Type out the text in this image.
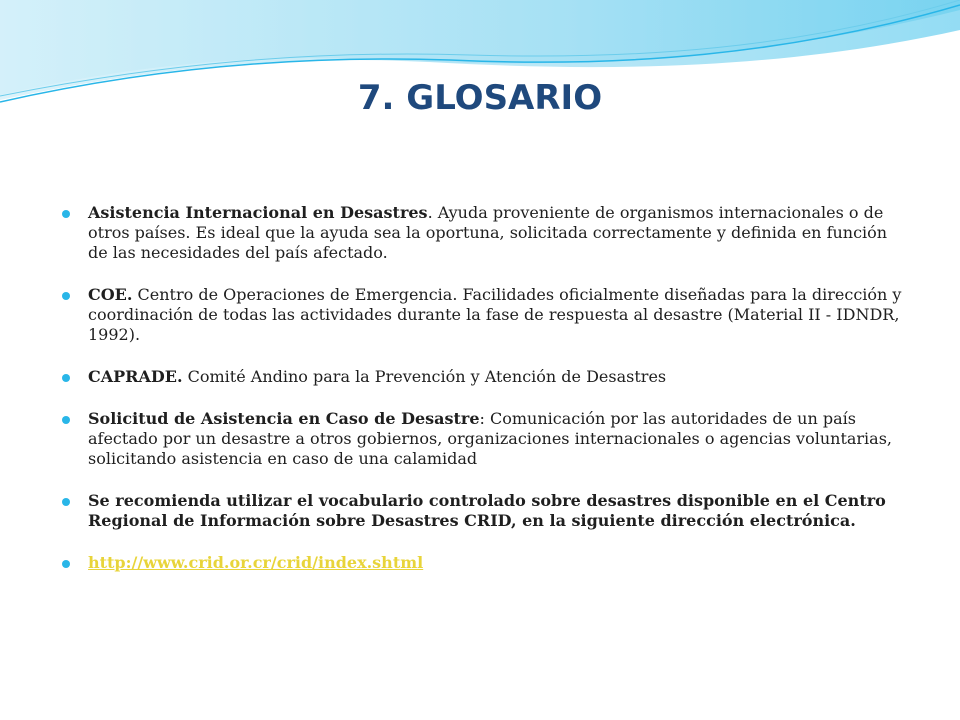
7. GLOSARIO
Asistencia Internacional en Desastres. Ayuda proveniente de organismos internacionales o de otros países. Es ideal que la ayuda sea la oportuna, solicitada correctamente y definida en función de las necesidades del país afectado.
COE. Centro de Operaciones de Emergencia. Facilidades oficialmente diseñadas para la dirección y coordinación de todas las actividades durante la fase de respuesta al desastre (Material II - IDNDR, 1992).
CAPRADE. Comité Andino para la Prevención y Atención de Desastres
Solicitud de Asistencia en Caso de Desastre: Comunicación por las autoridades de un país afectado por un desastre a otros gobiernos, organizaciones internacionales o agencias voluntarias, solicitando asistencia en caso de una calamidad
Se recomienda utilizar el vocabulario controlado sobre desastres disponible en el Centro Regional de Información sobre Desastres CRID, en la siguiente dirección electrónica.
http://www.crid.or.cr/crid/index.shtml
